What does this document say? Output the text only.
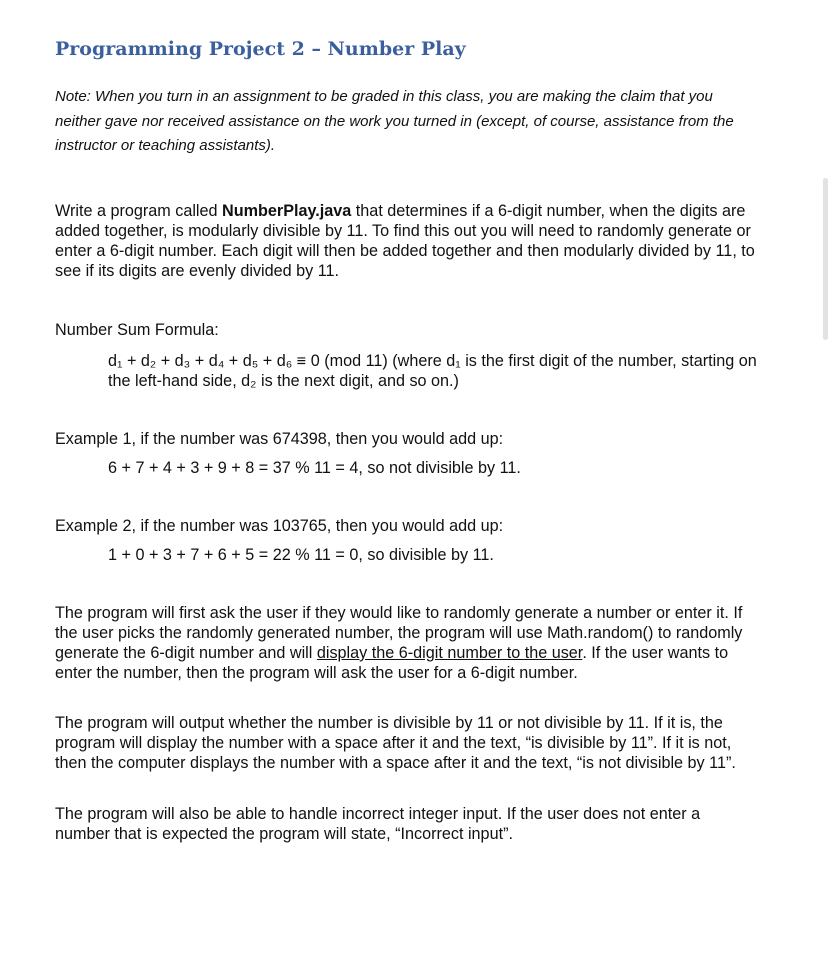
Programming Project 2 – Number Play

Note: When you turn in an assignment to be graded in this class, you are making the claim that you neither gave nor received assistance on the work you turned in (except, of course, assistance from the instructor or teaching assistants).

Write a program called NumberPlay.java that determines if a 6-digit number, when the digits are added together, is modularly divisible by 11. To find this out you will need to randomly generate or enter a 6-digit number. Each digit will then be added together and then modularly divided by 11, to see if its digits are evenly divided by 11.

Number Sum Formula:

d₁ + d₂ + d₃ + d₄ + d₅ + d₆ ≡ 0 (mod 11) (where d₁ is the first digit of the number, starting on the left-hand side, d₂ is the next digit, and so on.)

Example 1, if the number was 674398, then you would add up:

6 + 7 + 4 + 3 + 9 + 8 = 37 % 11 = 4, so not divisible by 11.

Example 2, if the number was 103765, then you would add up:

1 + 0 + 3 + 7 + 6 + 5 = 22 % 11 = 0, so divisible by 11.

The program will first ask the user if they would like to randomly generate a number or enter it. If the user picks the randomly generated number, the program will use Math.random() to randomly generate the 6-digit number and will display the 6-digit number to the user. If the user wants to enter the number, then the program will ask the user for a 6-digit number.

The program will output whether the number is divisible by 11 or not divisible by 11. If it is, the program will display the number with a space after it and the text, “is divisible by 11”. If it is not, then the computer displays the number with a space after it and the text, “is not divisible by 11”.

The program will also be able to handle incorrect integer input. If the user does not enter a number that is expected the program will state, “Incorrect input”.
